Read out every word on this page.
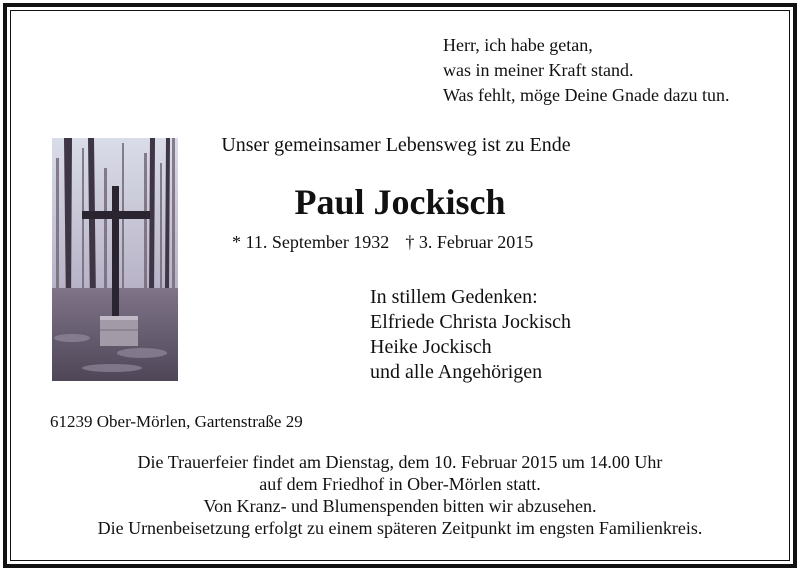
Herr, ich habe getan,
was in meiner Kraft stand.
Was fehlt, möge Deine Gnade dazu tun.
Unser gemeinsamer Lebensweg ist zu Ende
Paul Jockisch
* 11. September 1932 † 3. Februar 2015
In stillem Gedenken:
Elfriede Christa Jockisch
Heike Jockisch
und alle Angehörigen
61239 Ober-Mörlen, Gartenstraße 29
Die Trauerfeier findet am Dienstag, dem 10. Februar 2015 um 14.00 Uhr
auf dem Friedhof in Ober-Mörlen statt.
Von Kranz- und Blumenspenden bitten wir abzusehen.
Die Urnenbeisetzung erfolgt zu einem späteren Zeitpunkt im engsten Familienkreis.
